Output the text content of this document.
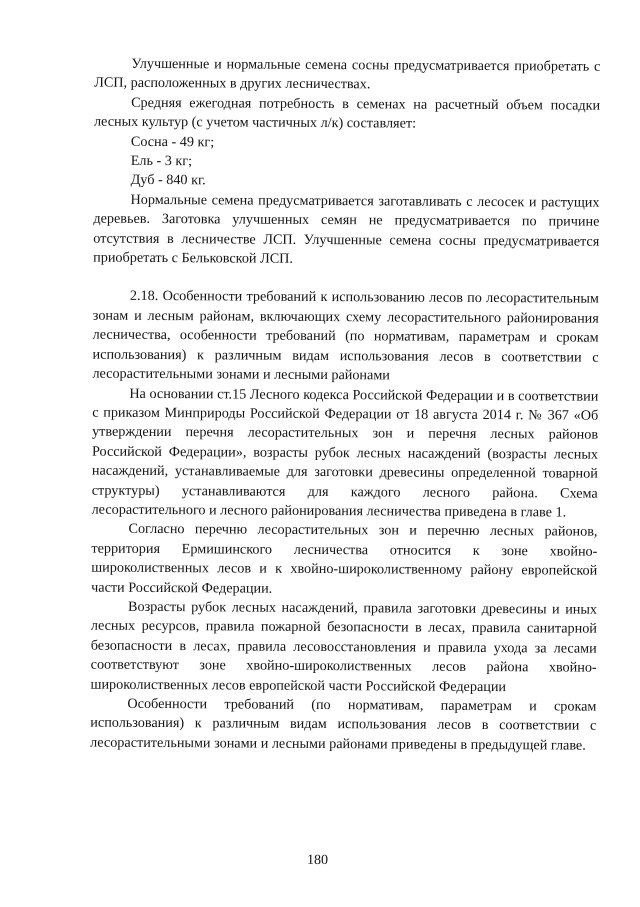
Улучшенные и нормальные семена сосны предусматривается приобретать с ЛСП, расположенных в других лесничествах.

Средняя ежегодная потребность в семенах на расчетный объем посадки лесных культур (с учетом частичных л/к) составляет:

Сосна - 49 кг;

Ель - 3 кг;

Дуб - 840 кг.

Нормальные семена предусматривается заготавливать с лесосек и растущих деревьев. Заготовка улучшенных семян не предусматривается по причине отсутствия в лесничестве ЛСП. Улучшенные семена сосны предусматривается приобретать с Бельковской ЛСП.

2.18. Особенности требований к использованию лесов по лесорастительным зонам и лесным районам, включающих схему лесорастительного районирования лесничества, особенности требований (по нормативам, параметрам и срокам использования) к различным видам использования лесов в соответствии с лесорастительными зонами и лесными районами

На основании ст.15 Лесного кодекса Российской Федерации и в соответствии с приказом Минприроды Российской Федерации от 18 августа 2014 г. № 367 «Об утверждении перечня лесорастительных зон и перечня лесных районов Российской Федерации», возрасты рубок лесных насаждений (возрасты лесных насаждений, устанавливаемые для заготовки древесины определенной товарной структуры) устанавливаются для каждого лесного района. Схема лесорастительного и лесного районирования лесничества приведена в главе 1.

Согласно перечню лесорастительных зон и перечню лесных районов, территория Ермишинского лесничества относится к зоне хвойно-широколиственных лесов и к хвойно-широколиственному району европейской части Российской Федерации.

Возрасты рубок лесных насаждений, правила заготовки древесины и иных лесных ресурсов, правила пожарной безопасности в лесах, правила санитарной безопасности в лесах, правила лесовосстановления и правила ухода за лесами соответствуют зоне хвойно-широколиственных лесов района хвойно-широколиственных лесов европейской части Российской Федерации

Особенности требований (по нормативам, параметрам и срокам использования) к различным видам использования лесов в соответствии с лесорастительными зонами и лесными районами приведены в предыдущей главе.

180
